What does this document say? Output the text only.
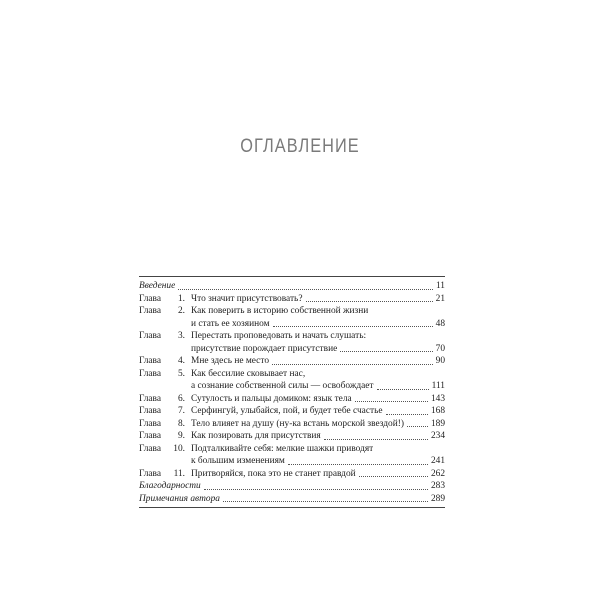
ОГЛАВЛЕНИЕ
Введение	11
Глава 1. Что значит присутствовать?	21
Глава 2. Как поверить в историю собственной жизни
и стать ее хозяином	48
Глава 3. Перестать проповедовать и начать слушать:
присутствие порождает присутствие	70
Глава 4. Мне здесь не место	90
Глава 5. Как бессилие сковывает нас,
а сознание собственной силы — освобождает	111
Глава 6. Сутулость и пальцы домиком: язык тела	143
Глава 7. Серфингуй, улыбайся, пой, и будет тебе счастье	168
Глава 8. Тело влияет на душу (ну-ка встань морской звездой!)	189
Глава 9. Как позировать для присутствия	234
Глава 10. Подталкивайте себя: мелкие шажки приводят
к большим изменениям	241
Глава 11. Притворяйся, пока это не станет правдой	262
Благодарности	283
Примечания автора	289
